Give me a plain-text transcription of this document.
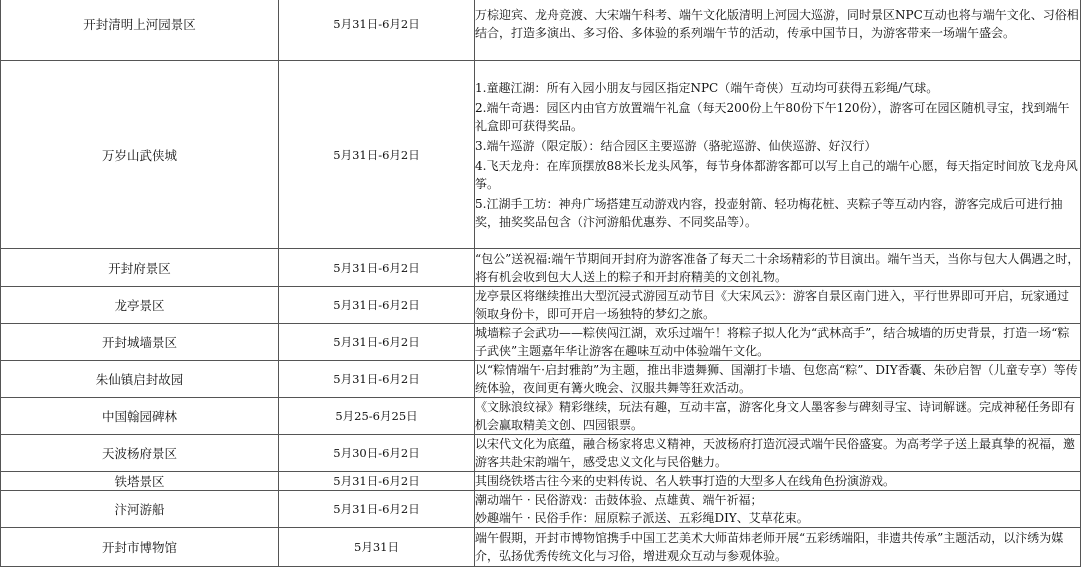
开封清明上河园景区	5月31日-6月2日	万棕迎宾、龙舟竞渡、大宋端午科考、端午文化版清明上河园大巡游，同时景区NPC互动也将与端午文化、习俗相结合，打造多演出、多习俗、多体验的系列端午节的活动，传承中国节日，为游客带来一场端午盛会。

万岁山武侠城	5月31日-6月2日	1.童趣江湖：所有入园小朋友与园区指定NPC（端午奇侠）互动均可获得五彩绳/气球。
2.端午奇遇：园区内由官方放置端午礼盒（每天200份上午80份下午120份），游客可在园区随机寻宝，找到端午礼盒即可获得奖品。
3.端午巡游（限定版）：结合园区主要巡游（骆驼巡游、仙侠巡游、好汉行）
4.飞天龙舟：在库顶摆放88米长龙头风筝，每节身体都游客都可以写上自己的端午心愿，每天指定时间放飞龙舟风筝。
5.江湖手工坊：神舟广场搭建互动游戏内容，投壶射箭、轻功梅花桩、夹粽子等互动内容，游客完成后可进行抽奖，抽奖奖品包含（汴河游船优惠券、不同奖品等）。

开封府景区	5月31日-6月2日	“包公”送祝福:端午节期间开封府为游客准备了每天二十余场精彩的节目演出。端午当天，当你与包大人偶遇之时，将有机会收到包大人送上的粽子和开封府精美的文创礼物。

龙亭景区	5月31日-6月2日	龙亭景区将继续推出大型沉浸式游园互动节目《大宋风云》：游客自景区南门进入，平行世界即可开启，玩家通过领取身份卡，即可开启一场独特的梦幻之旅。

开封城墙景区	5月31日-6月2日	城墙粽子会武功——粽侠闯江湖，欢乐过端午！将粽子拟人化为“武林高手”，结合城墙的历史背景，打造一场“粽子武侠”主题嘉年华让游客在趣味互动中体验端午文化。

朱仙镇启封故园	5月31日-6月2日	以“粽情端午·启封雅韵”为主题，推出非遗舞狮、国潮打卡墙、包您高“粽”、DIY香囊、朱砂启智（儿童专享）等传统体验，夜间更有篝火晚会、汉服共舞等狂欢活动。

中国翰园碑林	5月25-6月25日	《文脉浪纹禄》精彩继续，玩法有趣，互动丰富，游客化身文人墨客参与碑刻寻宝、诗词解谜。完成神秘任务即有机会赢取精美文创、四园银票。

天波杨府景区	5月30日-6月2日	以宋代文化为底蕴，融合杨家将忠义精神，天波杨府打造沉浸式端午民俗盛宴。为高考学子送上最真挚的祝福，邀游客共赴宋韵端午，感受忠义文化与民俗魅力。

铁塔景区	5月31日-6月2日	其围绕铁塔古往今来的史料传说、名人轶事打造的大型多人在线角色扮演游戏。

汴河游船	5月31日-6月2日	潮动端午 · 民俗游戏：击鼓体验、点雄黄、端午祈福；
妙趣端午 · 民俗手作：屈原粽子派送、五彩绳DIY、艾草花束。

开封市博物馆	5月31日	端午假期，开封市博物馆携手中国工艺美术大师苗炜老师开展“五彩绣端阳，非遗共传承”主题活动，以汴绣为媒介，弘扬优秀传统文化与习俗，增进观众互动与参观体验。
